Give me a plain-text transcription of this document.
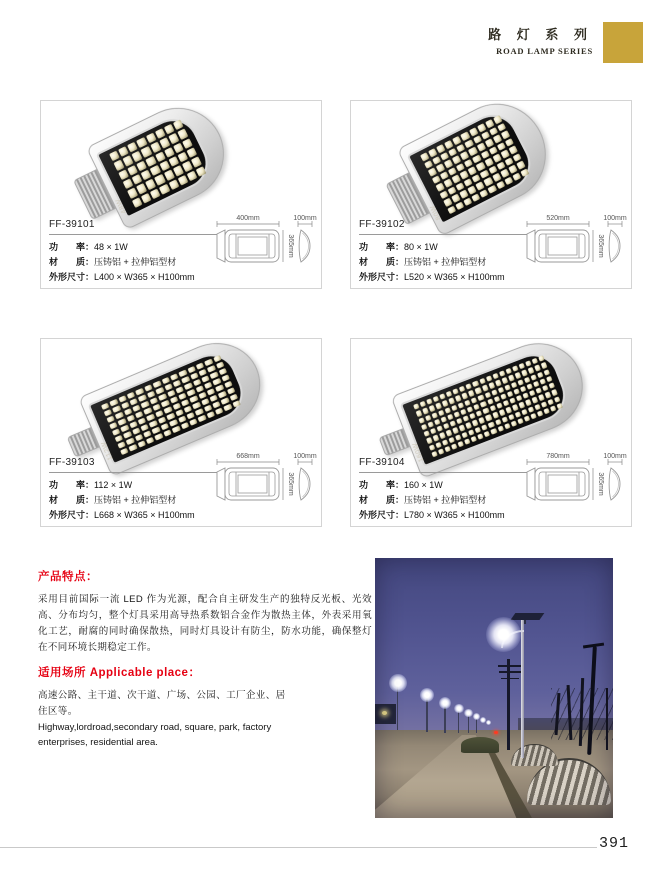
路 灯 系 列
ROAD LAMP SERIES
48W
FF-39101
功　　率： 48 × 1W
材　　质： 压铸铝 + 拉伸铝型材
外形尺寸： L400 × W365 × H100mm
400mm
365mm
100mm	80W
FF-39102
功　　率： 80 × 1W
材　　质： 压铸铝 + 拉伸铝型材
外形尺寸： L520 × W365 × H100mm
520mm
365mm
100mm
112W
FF-39103
功　　率： 112 × 1W
材　　质： 压铸铝 + 拉伸铝型材
外形尺寸： L668 × W365 × H100mm
668mm
365mm
100mm	160W
FF-39104
功　　率： 160 × 1W
材　　质： 压铸铝 + 拉伸铝型材
外形尺寸： L780 × W365 × H100mm
780mm
365mm
100mm
产品特点：
采用目前国际一流 LED 作为光源，配合自主研发生产的独特反光板、光效高、分布均匀，整个灯具采用高导热系数铝合金作为散热主体，外表采用氧化工艺，耐腐的同时确保散热，同时灯具设计有防尘，防水功能，确保整灯在不同环境长期稳定工作。
适用场所 Applicable place：
高速公路、主干道、次干道、广场、公园、工厂企业、居住区等。
Highway,lordroad,secondary road, square, park, factory enterprises, residential area.
391
